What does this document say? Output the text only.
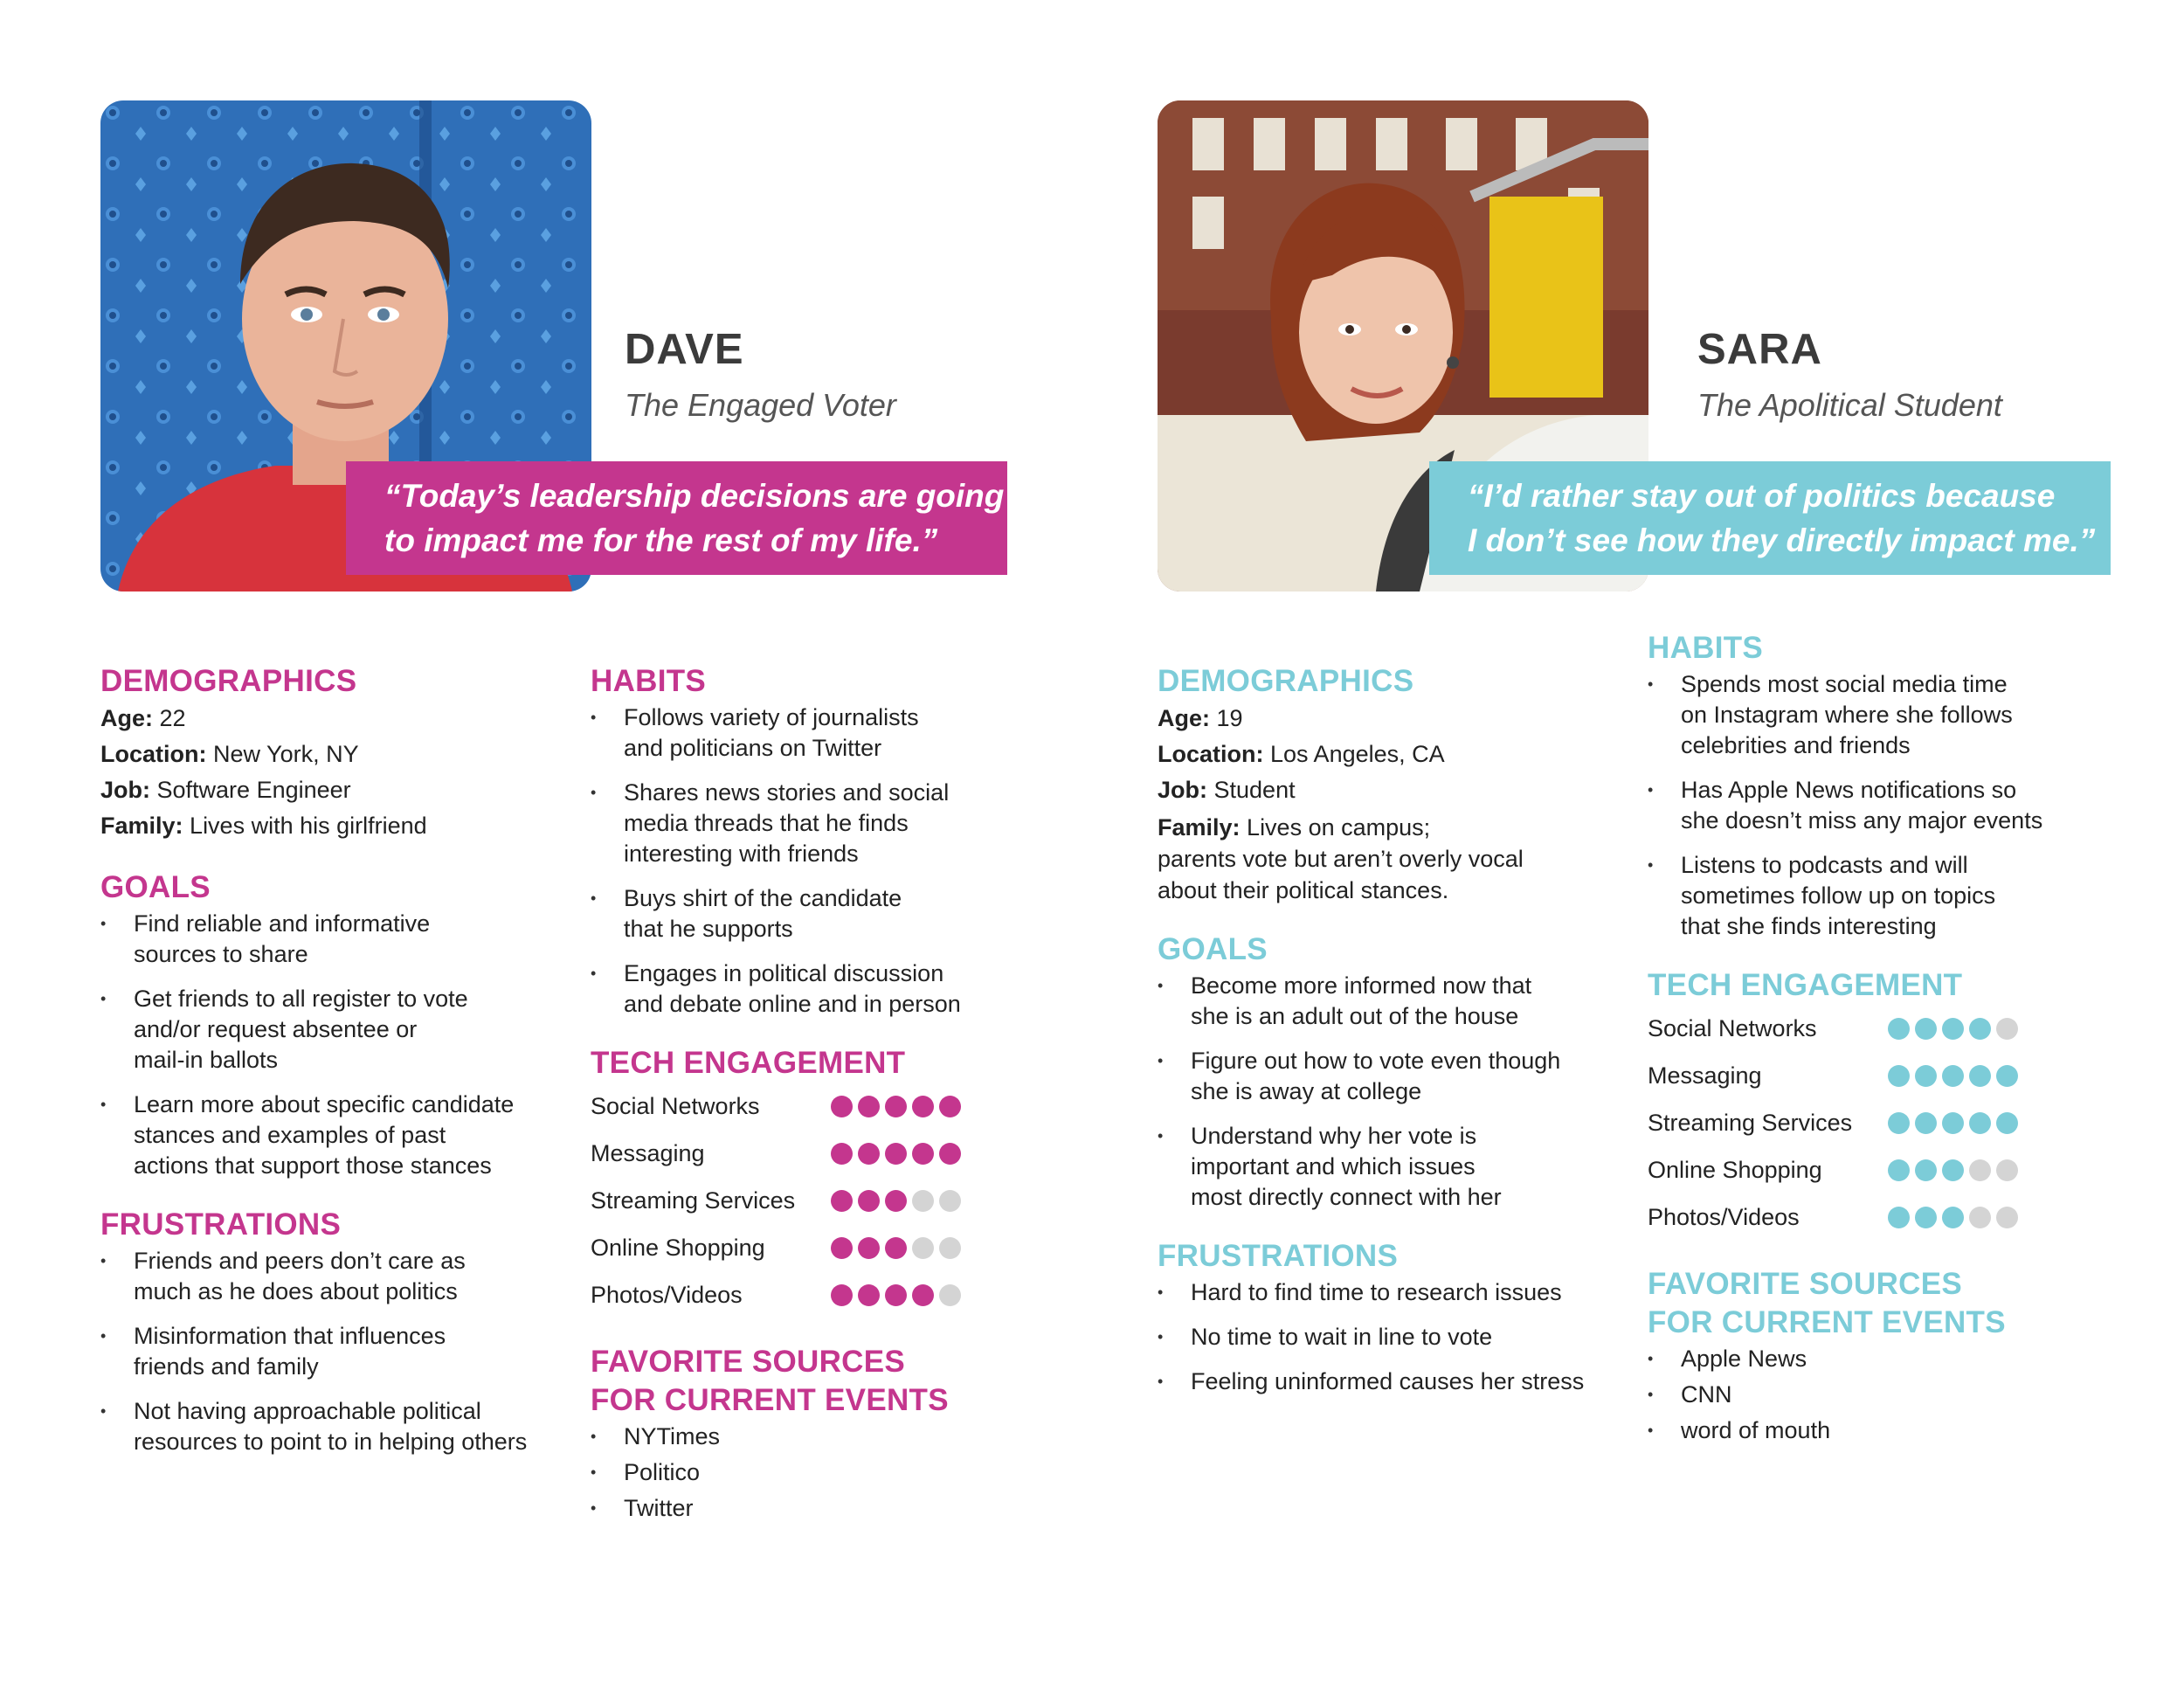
DAVE
The Engaged Voter
“Today’s leadership decisions are going
to impact me for the rest of my life.”
DEMOGRAPHICS
Age: 22
Location: New York, NY
Job: Software Engineer
Family: Lives with his girlfriend
GOALS
• Find reliable and informative
sources to share
• Get friends to all register to vote
and/or request absentee or
mail-in ballots
• Learn more about specific candidate
stances and examples of past
actions that support those stances
FRUSTRATIONS
• Friends and peers don’t care as
much as he does about politics
• Misinformation that influences
friends and family
• Not having approachable political
resources to point to in helping others
HABITS
• Follows variety of journalists
and politicians on Twitter
• Shares news stories and social
media threads that he finds
interesting with friends
• Buys shirt of the candidate
that he supports
• Engages in political discussion
and debate online and in person
TECH ENGAGEMENT
Social Networks
Messaging
Streaming Services
Online Shopping
Photos/Videos
FAVORITE SOURCES
FOR CURRENT EVENTS
• NYTimes
• Politico
• Twitter
SARA
The Apolitical Student
“I’d rather stay out of politics because
I don’t see how they directly impact me.”
DEMOGRAPHICS
Age: 19
Location: Los Angeles, CA
Job: Student
Family: Lives on campus;
parents vote but aren’t overly vocal
about their political stances.
GOALS
• Become more informed now that
she is an adult out of the house
• Figure out how to vote even though
she is away at college
• Understand why her vote is
important and which issues
most directly connect with her
FRUSTRATIONS
• Hard to find time to research issues
• No time to wait in line to vote
• Feeling uninformed causes her stress
HABITS
• Spends most social media time
on Instagram where she follows
celebrities and friends
• Has Apple News notifications so
she doesn’t miss any major events
• Listens to podcasts and will
sometimes follow up on topics
that she finds interesting
TECH ENGAGEMENT
Social Networks
Messaging
Streaming Services
Online Shopping
Photos/Videos
FAVORITE SOURCES
FOR CURRENT EVENTS
• Apple News
• CNN
• word of mouth
